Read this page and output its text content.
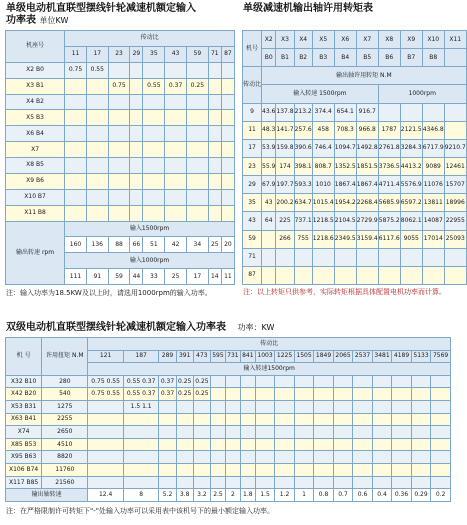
单级电动机直联型摆线针轮减速机额定输入
功率表 单位KW
机座号	传动比								
	11	17	23	29	35	43	59	71	87
X2 B0	0.75	0.55							
X3 B1			0.75		0.55	0.37	0.25		
X4 B2									
X5 B3									
X6 B4									
X7									
X8 B5									
X9 B6									
X10 B7									
X11 B8									
输出转速 rpm	输入1500rpm								
	160	136	88	66	51	42	34	25	20
	输入1000rpm								
	111	91	59	44	33	25	17	14	11
注：输入功率为18.5KW及以上时，请选用1000rpm的输入功率。
单级减速机输出轴许用转矩表
机号	X2	X3	X4	X5	X6	X7	X8	X9	X10	X11
	B0	B1	B2	B3	B4	B5	B6	B7	B8	
传动比	输出轴许用转矩 N.M									
	输入转速 1500rpm						1000rpm			
9	43.6	137.8	213.2	374.4	654.1	916.7				
11	48.3	141.7	257.6	458	708.3	966.8	1787	2121.5	4346.8	
17	53.9	159.8	390.6	746.4	1094.7	1492.8	2761.8	3284.3	6717.9	9210.7
23	55.9	174	398.1	808.7	1352.5	1851.5	3736.5	4413.2	9089	12461
29	67.9	197.7	593.3	1010	1867.4	1867.4	4711.4	5576.9	11076	15707
35	43	200.2	634.7	1015.4	1954.2	2268.4	5685.9	6597.2	13811	18996
43	64	225	737.1	1218.5	2104.5	2729.9	5875.2	8062.1	14087	22955
59		266	755	1218.6	2349.5	3159.4	6117.6	9055	17014	25093
71										
87										
注：以上转矩只供参考，实际转矩根据具体配置电机功率而计算。
双级电动机直联型摆线针轮减速机额定输入功率表 功率：KW
机 号	许用扭矩 N.M	传动比																	
		121	187	289	391	473	595	731	841	1003	1225	1505	1849	2065	2537	3481	4189	5133	7569
		输入转速1500rpm																	
X32 B10	280	0.75 0.55	0.55 0.37	0.37	0.25	0.25													
X42 B20	540	0.75 0.55	0.55 0.37	0.37	0.25	0.25													
X53 B31	1275		1.5 1.1																
X63 B41	2255																		
X74	2650																		
X85 B53	4510																		
X95 B63	8820																		
X106 B74	11760																		
X117 B85	21560																		
输出轴转速		12.4	8	5.2	3.8	3.2	2.5	2	1.8	1.5	1.2	1	0.8	0.7	0.6	0.4	0.36	0.29	0.2
注：在严格限制许可转矩下"-"处输入功率可以采用表中该机号下的最小额定输入功率。
